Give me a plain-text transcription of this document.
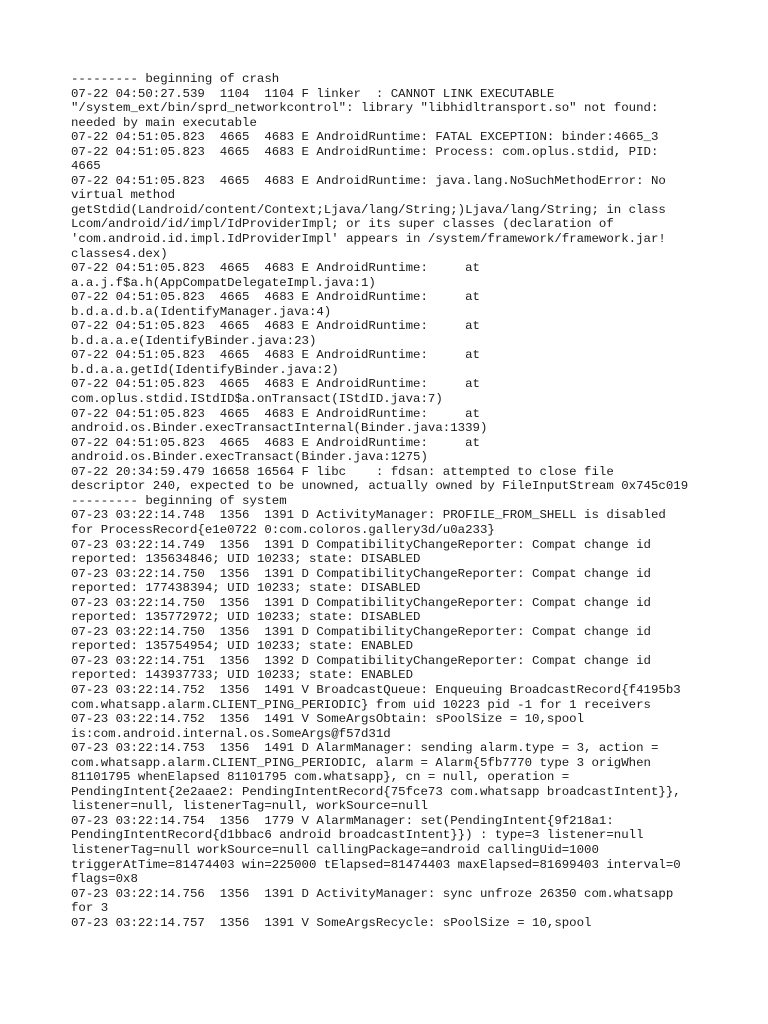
--------- beginning of crash
07-22 04:50:27.539  1104  1104 F linker  : CANNOT LINK EXECUTABLE
"/system_ext/bin/sprd_networkcontrol": library "libhidltransport.so" not found:
needed by main executable
07-22 04:51:05.823  4665  4683 E AndroidRuntime: FATAL EXCEPTION: binder:4665_3
07-22 04:51:05.823  4665  4683 E AndroidRuntime: Process: com.oplus.stdid, PID:
4665
07-22 04:51:05.823  4665  4683 E AndroidRuntime: java.lang.NoSuchMethodError: No
virtual method
getStdid(Landroid/content/Context;Ljava/lang/String;)Ljava/lang/String; in class
Lcom/android/id/impl/IdProviderImpl; or its super classes (declaration of
'com.android.id.impl.IdProviderImpl' appears in /system/framework/framework.jar!
classes4.dex)
07-22 04:51:05.823  4665  4683 E AndroidRuntime:     at
a.a.j.f$a.h(AppCompatDelegateImpl.java:1)
07-22 04:51:05.823  4665  4683 E AndroidRuntime:     at
b.d.a.d.b.a(IdentifyManager.java:4)
07-22 04:51:05.823  4665  4683 E AndroidRuntime:     at
b.d.a.a.e(IdentifyBinder.java:23)
07-22 04:51:05.823  4665  4683 E AndroidRuntime:     at
b.d.a.a.getId(IdentifyBinder.java:2)
07-22 04:51:05.823  4665  4683 E AndroidRuntime:     at
com.oplus.stdid.IStdID$a.onTransact(IStdID.java:7)
07-22 04:51:05.823  4665  4683 E AndroidRuntime:     at
android.os.Binder.execTransactInternal(Binder.java:1339)
07-22 04:51:05.823  4665  4683 E AndroidRuntime:     at
android.os.Binder.execTransact(Binder.java:1275)
07-22 20:34:59.479 16658 16564 F libc    : fdsan: attempted to close file
descriptor 240, expected to be unowned, actually owned by FileInputStream 0x745c019
--------- beginning of system
07-23 03:22:14.748  1356  1391 D ActivityManager: PROFILE_FROM_SHELL is disabled
for ProcessRecord{e1e0722 0:com.coloros.gallery3d/u0a233}
07-23 03:22:14.749  1356  1391 D CompatibilityChangeReporter: Compat change id
reported: 135634846; UID 10233; state: DISABLED
07-23 03:22:14.750  1356  1391 D CompatibilityChangeReporter: Compat change id
reported: 177438394; UID 10233; state: DISABLED
07-23 03:22:14.750  1356  1391 D CompatibilityChangeReporter: Compat change id
reported: 135772972; UID 10233; state: DISABLED
07-23 03:22:14.750  1356  1391 D CompatibilityChangeReporter: Compat change id
reported: 135754954; UID 10233; state: ENABLED
07-23 03:22:14.751  1356  1392 D CompatibilityChangeReporter: Compat change id
reported: 143937733; UID 10233; state: ENABLED
07-23 03:22:14.752  1356  1491 V BroadcastQueue: Enqueuing BroadcastRecord{f4195b3
com.whatsapp.alarm.CLIENT_PING_PERIODIC} from uid 10223 pid -1 for 1 receivers
07-23 03:22:14.752  1356  1491 V SomeArgsObtain: sPoolSize = 10,spool
is:com.android.internal.os.SomeArgs@f57d31d
07-23 03:22:14.753  1356  1491 D AlarmManager: sending alarm.type = 3, action =
com.whatsapp.alarm.CLIENT_PING_PERIODIC, alarm = Alarm{5fb7770 type 3 origWhen
81101795 whenElapsed 81101795 com.whatsapp}, cn = null, operation =
PendingIntent{2e2aae2: PendingIntentRecord{75fce73 com.whatsapp broadcastIntent}},
listener=null, listenerTag=null, workSource=null
07-23 03:22:14.754  1356  1779 V AlarmManager: set(PendingIntent{9f218a1:
PendingIntentRecord{d1bbac6 android broadcastIntent}}) : type=3 listener=null
listenerTag=null workSource=null callingPackage=android callingUid=1000
triggerAtTime=81474403 win=225000 tElapsed=81474403 maxElapsed=81699403 interval=0
flags=0x8
07-23 03:22:14.756  1356  1391 D ActivityManager: sync unfroze 26350 com.whatsapp
for 3
07-23 03:22:14.757  1356  1391 V SomeArgsRecycle: sPoolSize = 10,spool
